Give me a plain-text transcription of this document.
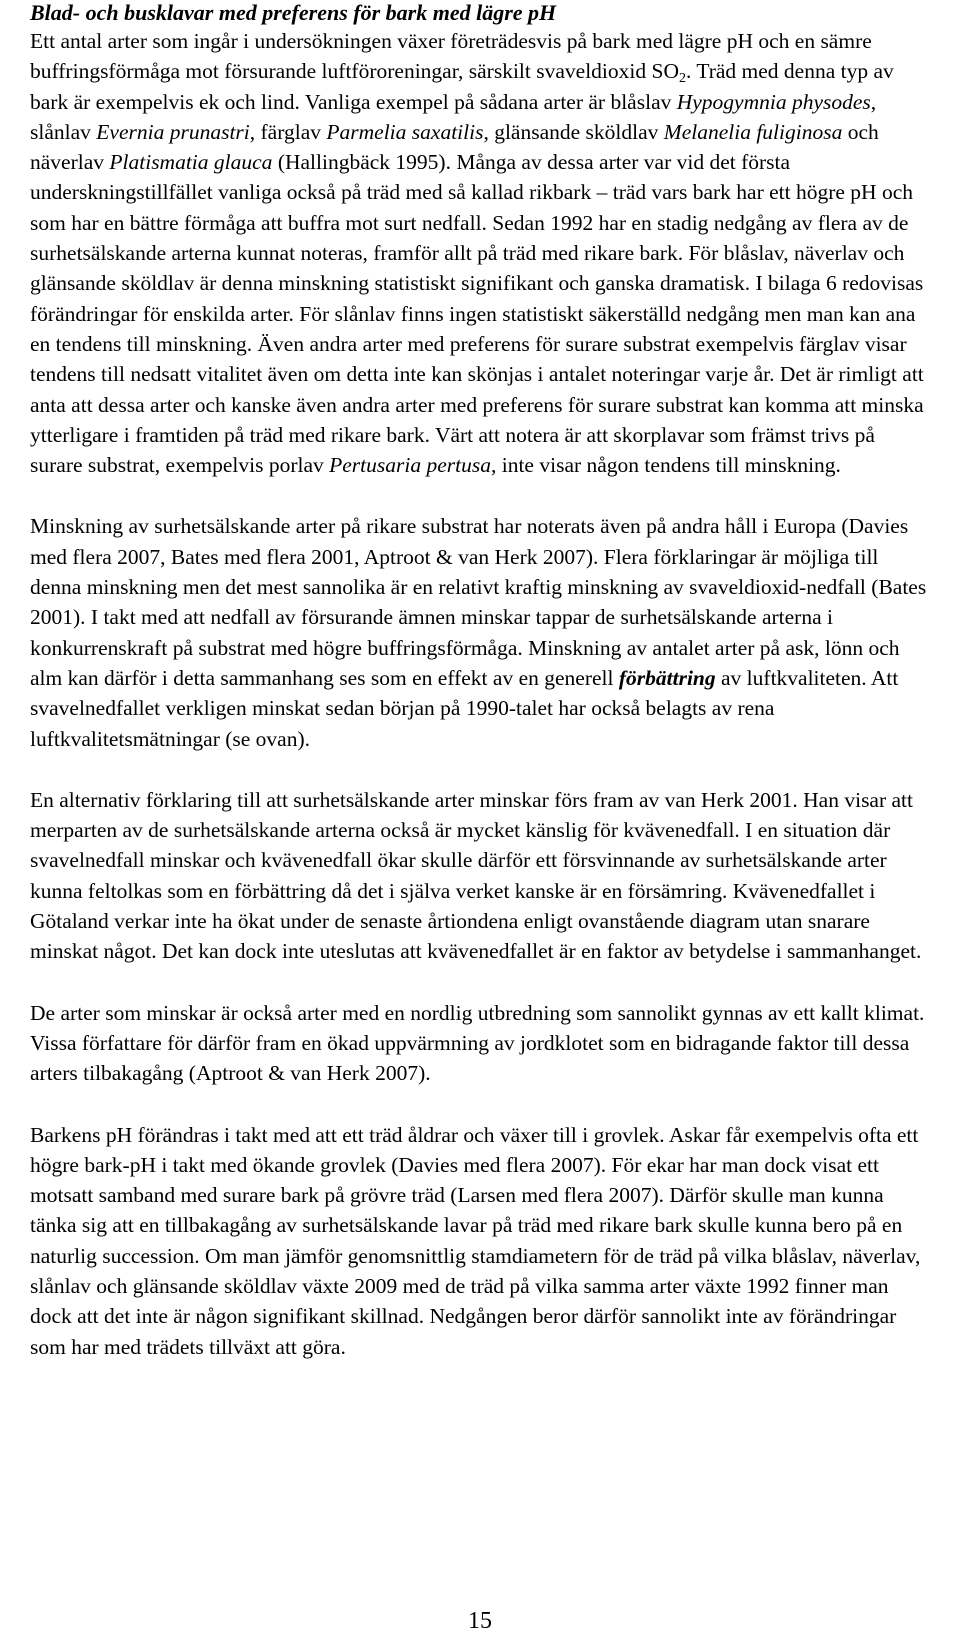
Blad- och busklavar med preferens för bark med lägre pH

Ett antal arter som ingår i undersökningen växer företrädesvis på bark med lägre pH och en sämre buffringsförmåga mot försurande luftföroreningar, särskilt svaveldioxid $SO_2$. Träd med denna typ av bark är exempelvis ek och lind. Vanliga exempel på sådana arter är blåslav Hypogymnia physodes, slånlav Evernia prunastri, färglav Parmelia saxatilis, glänsande sköldlav Melanelia fuliginosa och näverlav Platismatia glauca (Hallingbäck 1995). Många av dessa arter var vid det första underskningstillfället vanliga också på träd med så kallad rikbark – träd vars bark har ett högre pH och som har en bättre förmåga att buffra mot surt nedfall. Sedan 1992 har en stadig nedgång av flera av de surhetsälskande arterna kunnat noteras, framför allt på träd med rikare bark. För blåslav, näverlav och glänsande sköldlav är denna minskning statistiskt signifikant och ganska dramatisk. I bilaga 6 redovisas förändringar för enskilda arter. För slånlav finns ingen statistiskt säkerställd nedgång men man kan ana en tendens till minskning. Även andra arter med preferens för surare substrat exempelvis färglav visar tendens till nedsatt vitalitet även om detta inte kan skönjas i antalet noteringar varje år. Det är rimligt att anta att dessa arter och kanske även andra arter med preferens för surare substrat kan komma att minska ytterligare i framtiden på träd med rikare bark. Värt att notera är att skorplavar som främst trivs på surare substrat, exempelvis porlav Pertusaria pertusa, inte visar någon tendens till minskning.

Minskning av surhetsälskande arter på rikare substrat har noterats även på andra håll i Europa (Davies med flera 2007, Bates med flera 2001, Aptroot & van Herk 2007). Flera förklaringar är möjliga till denna minskning men det mest sannolika är en relativt kraftig minskning av svaveldioxid-nedfall (Bates 2001). I takt med att nedfall av försurande ämnen minskar tappar de surhetsälskande arterna i konkurrenskraft på substrat med högre buffringsförmåga. Minskning av antalet arter på ask, lönn och alm kan därför i detta sammanhang ses som en effekt av en generell förbättring av luftkvaliteten. Att svavelnedfallet verkligen minskat sedan början på 1990-talet har också belagts av rena luftkvalitetsmätningar (se ovan).

En alternativ förklaring till att surhetsälskande arter minskar förs fram av van Herk 2001. Han visar att merparten av de surhetsälskande arterna också är mycket känslig för kvävenedfall. I en situation där svavelnedfall minskar och kvävenedfall ökar skulle därför ett försvinnande av surhetsälskande arter kunna feltolkas som en förbättring då det i själva verket kanske är en försämring. Kvävenedfallet i Götaland verkar inte ha ökat under de senaste årtiondena enligt ovanstående diagram utan snarare minskat något. Det kan dock inte uteslutas att kvävenedfallet är en faktor av betydelse i sammanhanget.

De arter som minskar är också arter med en nordlig utbredning som sannolikt gynnas av ett kallt klimat. Vissa författare för därför fram en ökad uppvärmning av jordklotet som en bidragande faktor till dessa arters tilbakagång (Aptroot & van Herk 2007).

Barkens pH förändras i takt med att ett träd åldrar och växer till i grovlek. Askar får exempelvis ofta ett högre bark-pH i takt med ökande grovlek (Davies med flera 2007). För ekar har man dock visat ett motsatt samband med surare bark på grövre träd (Larsen med flera 2007). Därför skulle man kunna tänka sig att en tillbakagång av surhetsälskande lavar på träd med rikare bark skulle kunna bero på en naturlig succession. Om man jämför genomsnittlig stamdiametern för de träd på vilka blåslav, näverlav, slånlav och glänsande sköldlav växte 2009 med de träd på vilka samma arter växte 1992 finner man dock att det inte är någon signifikant skillnad. Nedgången beror därför sannolikt inte av förändringar som har med trädets tillväxt att göra.

15
